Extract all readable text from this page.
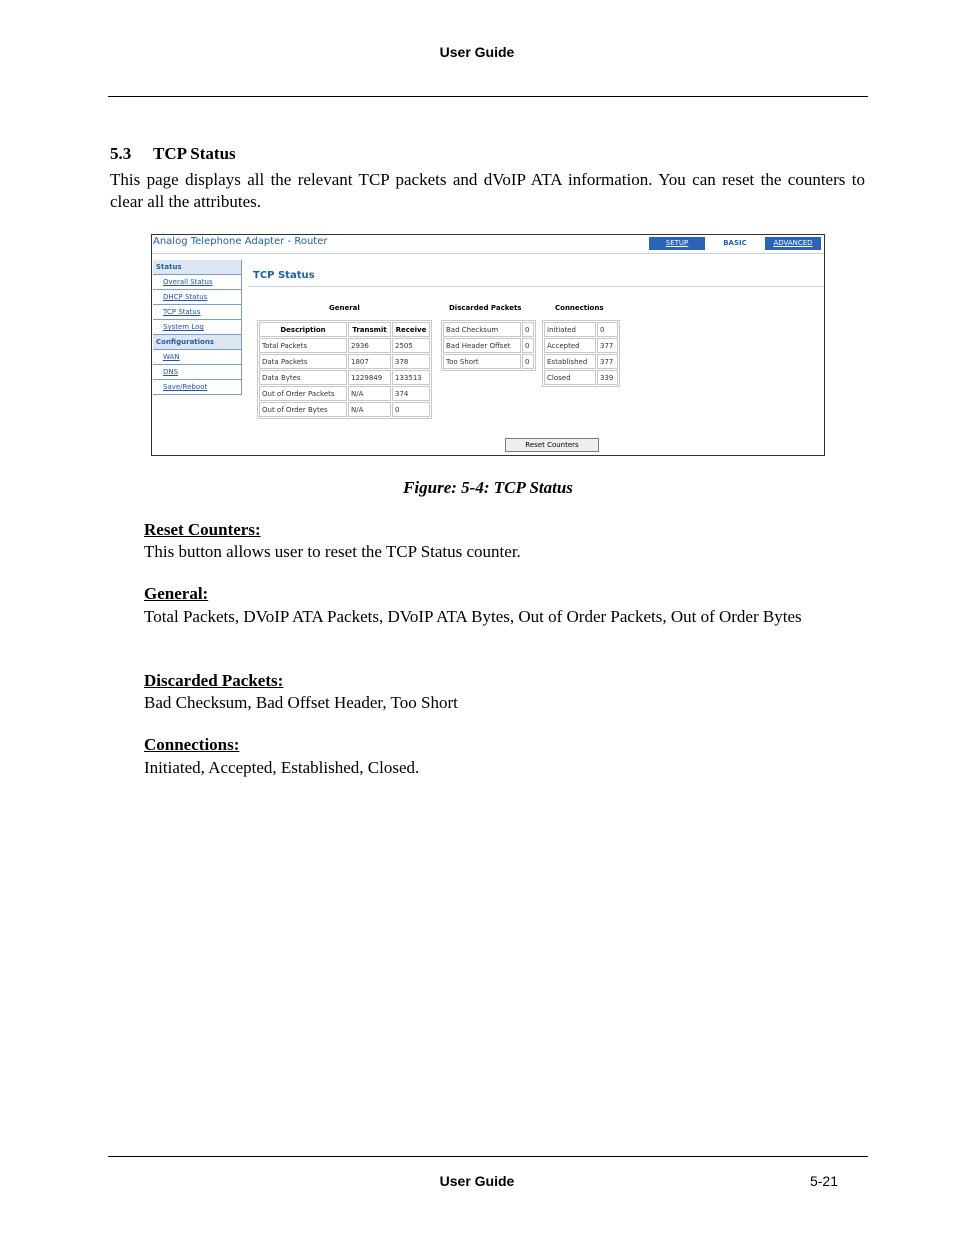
User Guide
5.3 TCP Status
This page displays all the relevant TCP packets and dVoIP ATA information. You can reset the counters to clear all the attributes.
Analog Telephone Adapter - Router	SETUP	BASIC	ADVANCED
Status
Overall Status
DHCP Status
TCP Status
System Log
Configurations
WAN
DNS
Save/Reboot
TCP Status
General	Discarded Packets	Connections
Description	Transmit	Receive
Total Packets	2936	2505
Data Packets	1807	378
Data Bytes	1229849	133513
Out of Order Packets	N/A	374
Out of Order Bytes	N/A	0
Bad Checksum	0
Bad Header Offset	0
Too Short	0
Initiated	0
Accepted	377
Established	377
Closed	339
Reset Counters
Figure: 5-4: TCP Status
Reset Counters:
This button allows user to reset the TCP Status counter.
General:
Total Packets, DVoIP ATA Packets, DVoIP ATA Bytes, Out of Order Packets, Out of Order Bytes
Discarded Packets:
Bad Checksum, Bad Offset Header, Too Short
Connections:
Initiated, Accepted, Established, Closed.
User Guide	5-21
